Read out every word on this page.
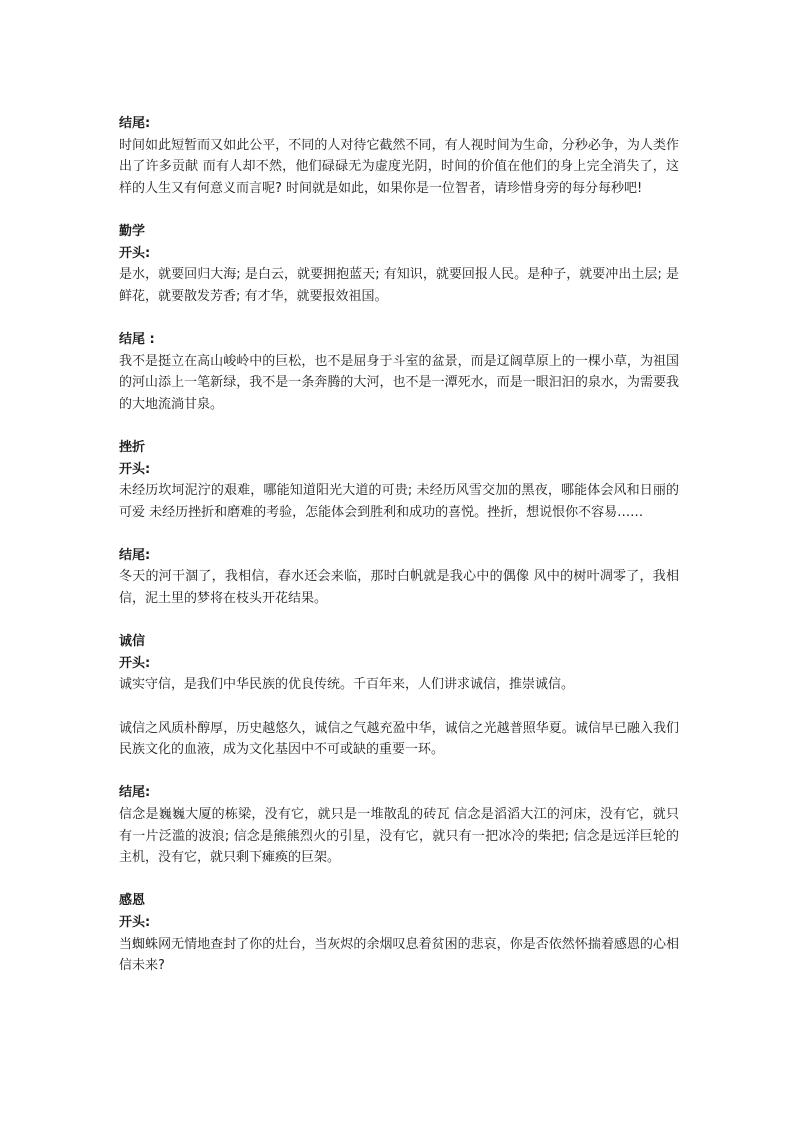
结尾:

时间如此短暂而又如此公平，不同的人对待它截然不同，有人视时间为生命，分秒必争，为人类作出了许多贡献 而有人却不然，他们碌碌无为虚度光阴，时间的价值在他们的身上完全消失了，这样的人生又有何意义而言呢? 时间就是如此，如果你是一位智者，请珍惜身旁的每分每秒吧!

勤学

开头:

是水，就要回归大海; 是白云，就要拥抱蓝天; 有知识，就要回报人民。是种子，就要冲出土层; 是鲜花，就要散发芳香; 有才华，就要报效祖国。

结尾 :

我不是挺立在高山峻岭中的巨松，也不是屈身于斗室的盆景，而是辽阔草原上的一棵小草，为祖国的河山添上一笔新绿，我不是一条奔腾的大河，也不是一潭死水，而是一眼汩汩的泉水，为需要我的大地流淌甘泉。

挫折

开头:

未经历坎坷泥泞的艰难，哪能知道阳光大道的可贵; 未经历风雪交加的黑夜，哪能体会风和日丽的可爱 未经历挫折和磨难的考验，怎能体会到胜利和成功的喜悦。挫折，想说恨你不容易……

结尾:

冬天的河干涸了，我相信，春水还会来临，那时白帆就是我心中的偶像 风中的树叶凋零了，我相信，泥土里的梦将在枝头开花结果。

诚信

开头:

诚实守信，是我们中华民族的优良传统。千百年来，人们讲求诚信，推崇诚信。

诚信之风质朴醇厚，历史越悠久，诚信之气越充盈中华，诚信之光越普照华夏。诚信早已融入我们民族文化的血液，成为文化基因中不可或缺的重要一环。

结尾:

信念是巍巍大厦的栋梁，没有它，就只是一堆散乱的砖瓦 信念是滔滔大江的河床，没有它，就只有一片泛滥的波浪; 信念是熊熊烈火的引星，没有它，就只有一把冰冷的柴把; 信念是远洋巨轮的主机，没有它，就只剩下瘫痪的巨架。

感恩

开头:

当蜘蛛网无情地查封了你的灶台，当灰烬的余烟叹息着贫困的悲哀，你是否依然怀揣着感恩的心相信未来?
